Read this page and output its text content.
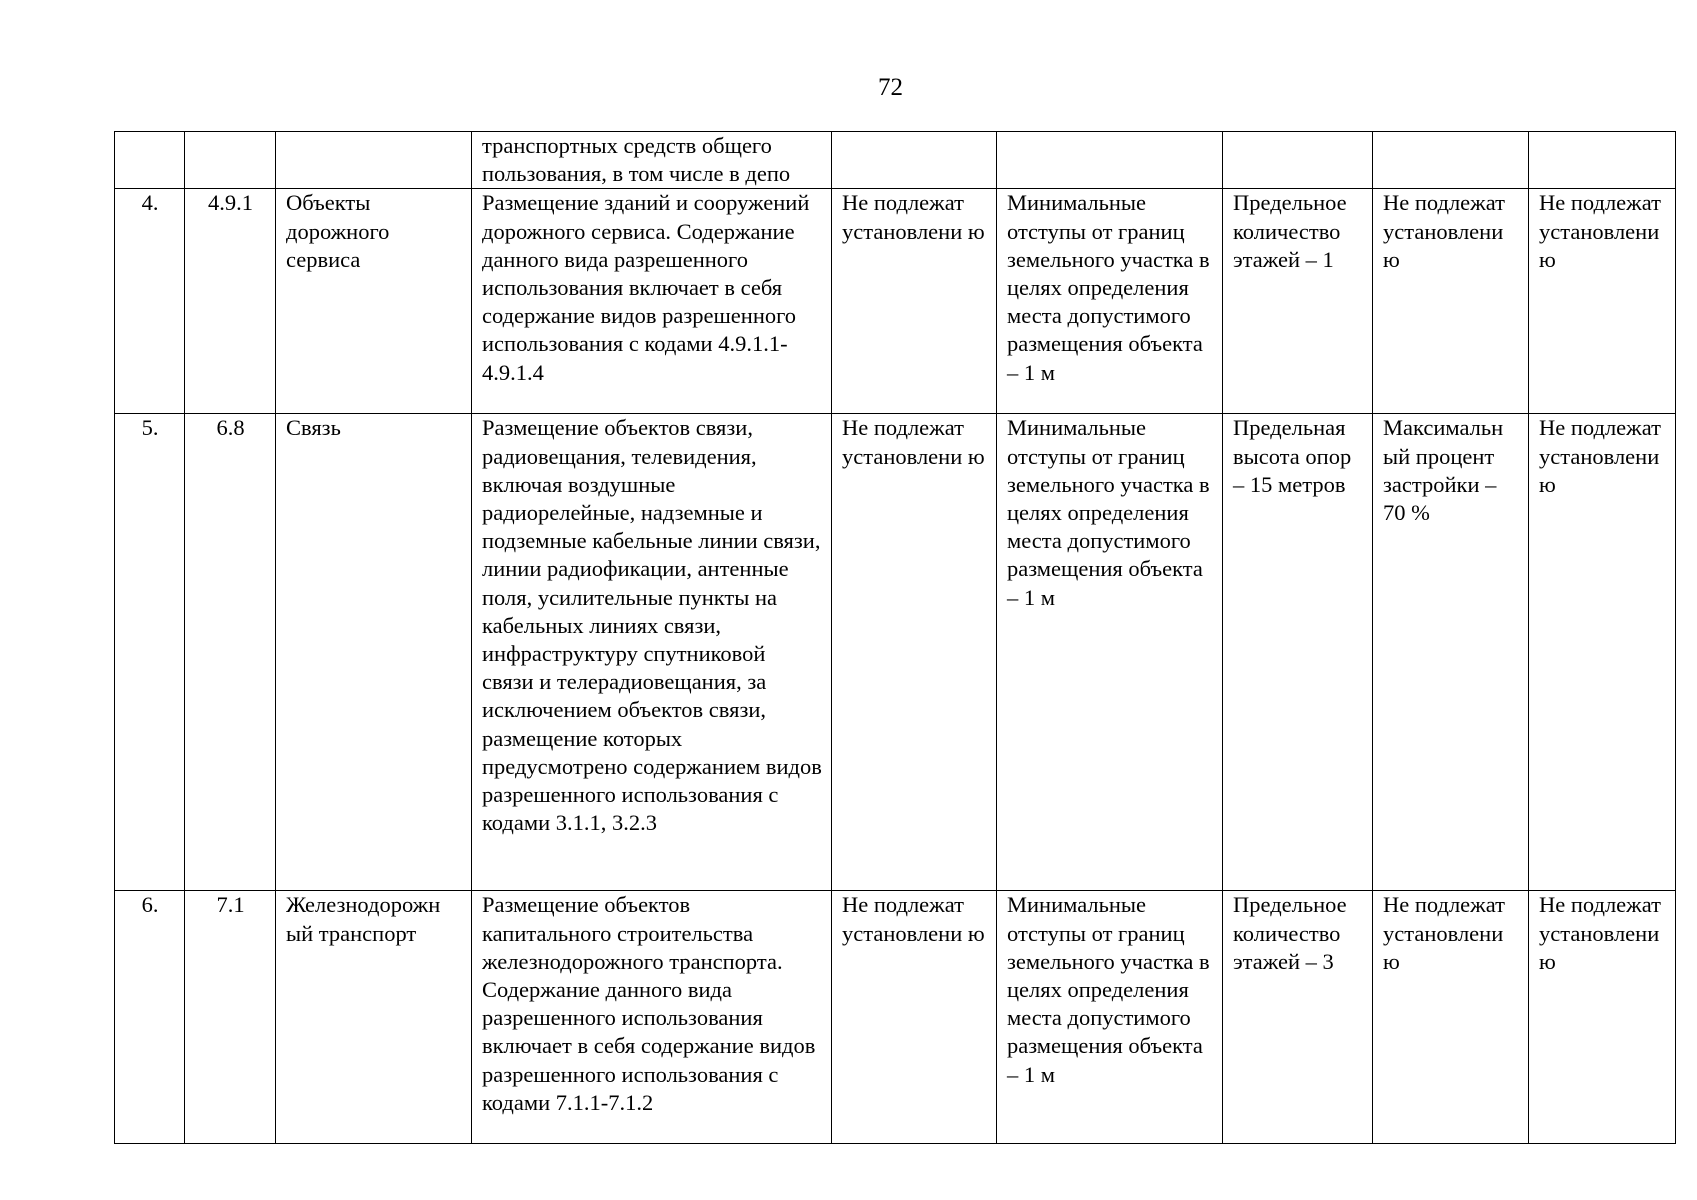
72
			транспортных средств общего пользования, в том числе в депо					
4.	4.9.1	Объекты дорожного сервиса	Размещение зданий и сооружений дорожного сервиса. Содержание данного вида разрешенного использования включает в себя содержание видов разрешенного использования с кодами 4.9.1.1-4.9.1.4	Не подлежат установлени ю	Минимальные отступы от границ земельного участка в целях определения места допустимого размещения объекта – 1 м	Предельное количество этажей – 1	Не подлежат установлени ю	Не подлежат установлени ю
5.	6.8	Связь	Размещение объектов связи, радиовещания, телевидения, включая воздушные радиорелейные, надземные и подземные кабельные линии связи, линии радиофикации, антенные поля, усилительные пункты на кабельных линиях связи, инфраструктуру спутниковой связи и телерадиовещания, за исключением объектов связи, размещение которых предусмотрено содержанием видов разрешенного использования с кодами 3.1.1, 3.2.3	Не подлежат установлени ю	Минимальные отступы от границ земельного участка в целях определения места допустимого размещения объекта – 1 м	Предельная высота опор – 15 метров	Максимальн ый процент застройки – 70 %	Не подлежат установлени ю
6.	7.1	Железнодорожн ый транспорт	Размещение объектов капитального строительства железнодорожного транспорта. Содержание данного вида разрешенного использования включает в себя содержание видов разрешенного использования с кодами 7.1.1-7.1.2	Не подлежат установлени ю	Минимальные отступы от границ земельного участка в целях определения места допустимого размещения объекта – 1 м	Предельное количество этажей – 3	Не подлежат установлени ю	Не подлежат установлени ю
